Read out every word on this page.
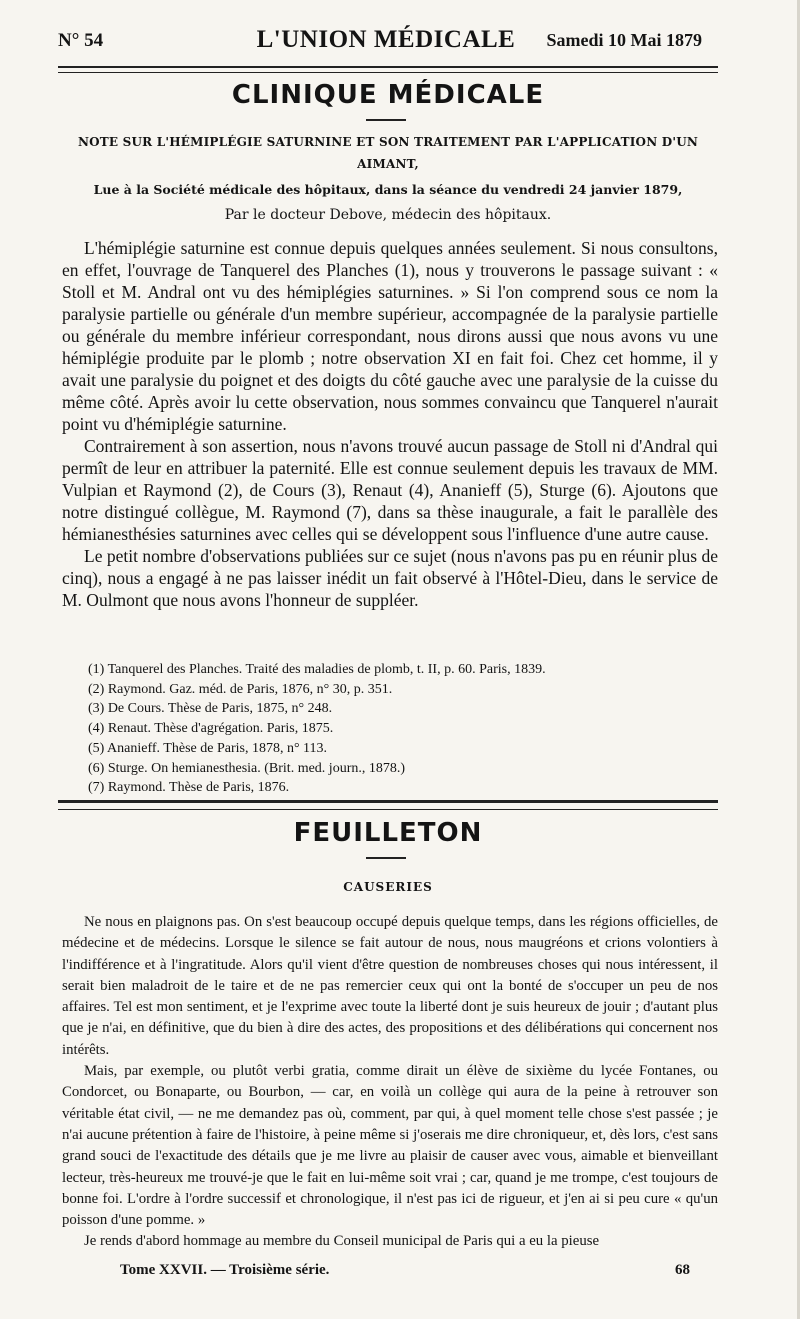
N° 54	L'UNION MÉDICALE	Samedi 10 Mai 1879
CLINIQUE MÉDICALE
NOTE SUR L'HÉMIPLÉGIE SATURNINE ET SON TRAITEMENT PAR L'APPLICATION D'UN AIMANT,
Lue à la Société médicale des hôpitaux, dans la séance du vendredi 24 janvier 1879,
Par le docteur Debove, médecin des hôpitaux.

L'hémiplégie saturnine est connue depuis quelques années seulement. Si nous consultons, en effet, l'ouvrage de Tanquerel des Planches (1), nous y trouverons le passage suivant : « Stoll et M. Andral ont vu des hémiplégies saturnines. » Si l'on comprend sous ce nom la paralysie partielle ou générale d'un membre supérieur, accompagnée de la paralysie partielle ou générale du membre inférieur correspondant, nous dirons aussi que nous avons vu une hémiplégie produite par le plomb ; notre observation XI en fait foi. Chez cet homme, il y avait une paralysie du poignet et des doigts du côté gauche avec une paralysie de la cuisse du même côté. Après avoir lu cette observation, nous sommes convaincu que Tanquerel n'aurait point vu d'hémiplégie saturnine.

Contrairement à son assertion, nous n'avons trouvé aucun passage de Stoll ni d'Andral qui permît de leur en attribuer la paternité. Elle est connue seulement depuis les travaux de MM. Vulpian et Raymond (2), de Cours (3), Renaut (4), Ananieff (5), Sturge (6). Ajoutons que notre distingué collègue, M. Raymond (7), dans sa thèse inaugurale, a fait le parallèle des hémianesthésies saturnines avec celles qui se développent sous l'influence d'une autre cause.

Le petit nombre d'observations publiées sur ce sujet (nous n'avons pas pu en réunir plus de cinq), nous a engagé à ne pas laisser inédit un fait observé à l'Hôtel-Dieu, dans le service de M. Oulmont que nous avons l'honneur de suppléer.

(1) Tanquerel des Planches. Traité des maladies de plomb, t. II, p. 60. Paris, 1839.
(2) Raymond. Gaz. méd. de Paris, 1876, n° 30, p. 351.
(3) De Cours. Thèse de Paris, 1875, n° 248.
(4) Renaut. Thèse d'agrégation. Paris, 1875.
(5) Ananieff. Thèse de Paris, 1878, n° 113.
(6) Sturge. On hemianesthesia. (Brit. med. journ., 1878.)
(7) Raymond. Thèse de Paris, 1876.
FEUILLETON
CAUSERIES

Ne nous en plaignons pas. On s'est beaucoup occupé depuis quelque temps, dans les régions officielles, de médecine et de médecins. Lorsque le silence se fait autour de nous, nous maugréons et crions volontiers à l'indifférence et à l'ingratitude. Alors qu'il vient d'être question de nombreuses choses qui nous intéressent, il serait bien maladroit de le taire et de ne pas remercier ceux qui ont la bonté de s'occuper un peu de nos affaires. Tel est mon sentiment, et je l'exprime avec toute la liberté dont je suis heureux de jouir ; d'autant plus que je n'ai, en définitive, que du bien à dire des actes, des propositions et des délibérations qui concernent nos intérêts.

Mais, par exemple, ou plutôt verbi gratia, comme dirait un élève de sixième du lycée Fontanes, ou Condorcet, ou Bonaparte, ou Bourbon, — car, en voilà un collège qui aura de la peine à retrouver son véritable état civil, — ne me demandez pas où, comment, par qui, à quel moment telle chose s'est passée ; je n'ai aucune prétention à faire de l'histoire, à peine même si j'oserais me dire chroniqueur, et, dès lors, c'est sans grand souci de l'exactitude des détails que je me livre au plaisir de causer avec vous, aimable et bienveillant lecteur, très-heureux me trouvé-je que le fait en lui-même soit vrai ; car, quand je me trompe, c'est toujours de bonne foi. L'ordre à l'ordre successif et chronologique, il n'est pas ici de rigueur, et j'en ai si peu cure « qu'un poisson d'une pomme. »

Je rends d'abord hommage au membre du Conseil municipal de Paris qui a eu la pieuse

Tome XXVII. — Troisième série.	68
